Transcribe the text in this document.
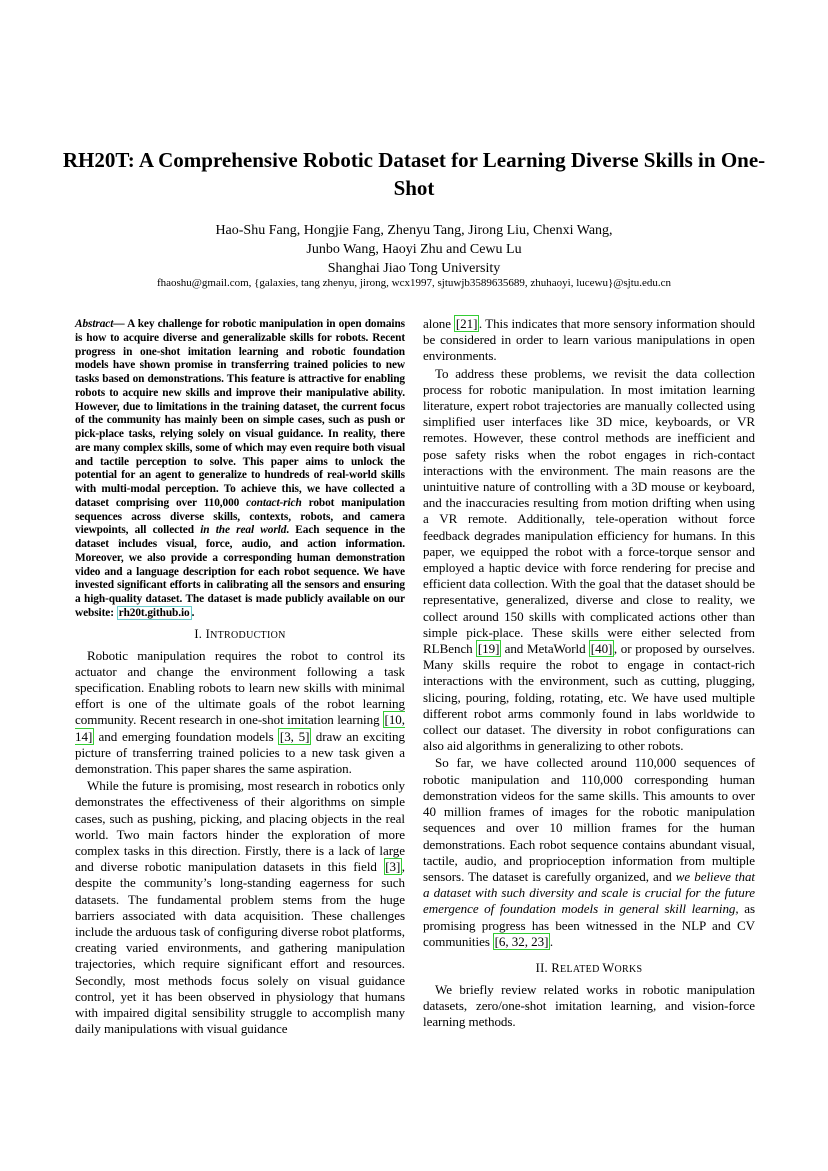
RH20T: A Comprehensive Robotic Dataset for Learning Diverse Skills in One-Shot
Hao-Shu Fang, Hongjie Fang, Zhenyu Tang, Jirong Liu, Chenxi Wang,
Junbo Wang, Haoyi Zhu and Cewu Lu
Shanghai Jiao Tong University
fhaoshu@gmail.com, {galaxies, tang zhenyu, jirong, wcx1997, sjtuwjb3589635689, zhuhaoyi, lucewu}@sjtu.edu.cn

Abstract— A key challenge for robotic manipulation in open domains is how to acquire diverse and generalizable skills for robots. Recent progress in one-shot imitation learning and robotic foundation models have shown promise in transferring trained policies to new tasks based on demonstrations. This feature is attractive for enabling robots to acquire new skills and improve their manipulative ability. However, due to limitations in the training dataset, the current focus of the community has mainly been on simple cases, such as push or pick-place tasks, relying solely on visual guidance. In reality, there are many complex skills, some of which may even require both visual and tactile perception to solve. This paper aims to unlock the potential for an agent to generalize to hundreds of real-world skills with multi-modal perception. To achieve this, we have collected a dataset comprising over 110,000 contact-rich robot manipulation sequences across diverse skills, contexts, robots, and camera viewpoints, all collected in the real world. Each sequence in the dataset includes visual, force, audio, and action information. Moreover, we also provide a corresponding human demonstration video and a language description for each robot sequence. We have invested significant efforts in calibrating all the sensors and ensuring a high-quality dataset. The dataset is made publicly available on our website: rh20t.github.io .

I. INTRODUCTION

Robotic manipulation requires the robot to control its actuator and change the environment following a task specification. Enabling robots to learn new skills with minimal effort is one of the ultimate goals of the robot learning community. Recent research in one-shot imitation learning [10, 14] and emerging foundation models [3, 5] draw an exciting picture of transferring trained policies to a new task given a demonstration. This paper shares the same aspiration.

While the future is promising, most research in robotics only demonstrates the effectiveness of their algorithms on simple cases, such as pushing, picking, and placing objects in the real world. Two main factors hinder the exploration of more complex tasks in this direction. Firstly, there is a lack of large and diverse robotic manipulation datasets in this field [3] , despite the community’s long-standing eagerness for such datasets. The fundamental problem stems from the huge barriers associated with data acquisition. These challenges include the arduous task of configuring diverse robot platforms, creating varied environments, and gathering manipulation trajectories, which require significant effort and resources. Secondly, most methods focus solely on visual guidance control, yet it has been observed in physiology that humans with impaired digital sensibility struggle to accomplish many daily manipulations with visual guidance

alone [21] . This indicates that more sensory information should be considered in order to learn various manipulations in open environments.

To address these problems, we revisit the data collection process for robotic manipulation. In most imitation learning literature, expert robot trajectories are manually collected using simplified user interfaces like 3D mice, keyboards, or VR remotes. However, these control methods are inefficient and pose safety risks when the robot engages in rich-contact interactions with the environment. The main reasons are the unintuitive nature of controlling with a 3D mouse or keyboard, and the inaccuracies resulting from motion drifting when using a VR remote. Additionally, tele-operation without force feedback degrades manipulation efficiency for humans. In this paper, we equipped the robot with a force-torque sensor and employed a haptic device with force rendering for precise and efficient data collection. With the goal that the dataset should be representative, generalized, diverse and close to reality, we collect around 150 skills with complicated actions other than simple pick-place. These skills were either selected from RLBench [19] and MetaWorld [40] , or proposed by ourselves. Many skills require the robot to engage in contact-rich interactions with the environment, such as cutting, plugging, slicing, pouring, folding, rotating, etc. We have used multiple different robot arms commonly found in labs worldwide to collect our dataset. The diversity in robot configurations can also aid algorithms in generalizing to other robots.

So far, we have collected around 110,000 sequences of robotic manipulation and 110,000 corresponding human demonstration videos for the same skills. This amounts to over 40 million frames of images for the robotic manipulation sequences and over 10 million frames for the human demonstrations. Each robot sequence contains abundant visual, tactile, audio, and proprioception information from multiple sensors. The dataset is carefully organized, and we believe that a dataset with such diversity and scale is crucial for the future emergence of foundation models in general skill learning, as promising progress has been witnessed in the NLP and CV communities [6, 32, 23] .

II. RELATED WORKS

We briefly review related works in robotic manipulation datasets, zero/one-shot imitation learning, and vision-force learning methods.
